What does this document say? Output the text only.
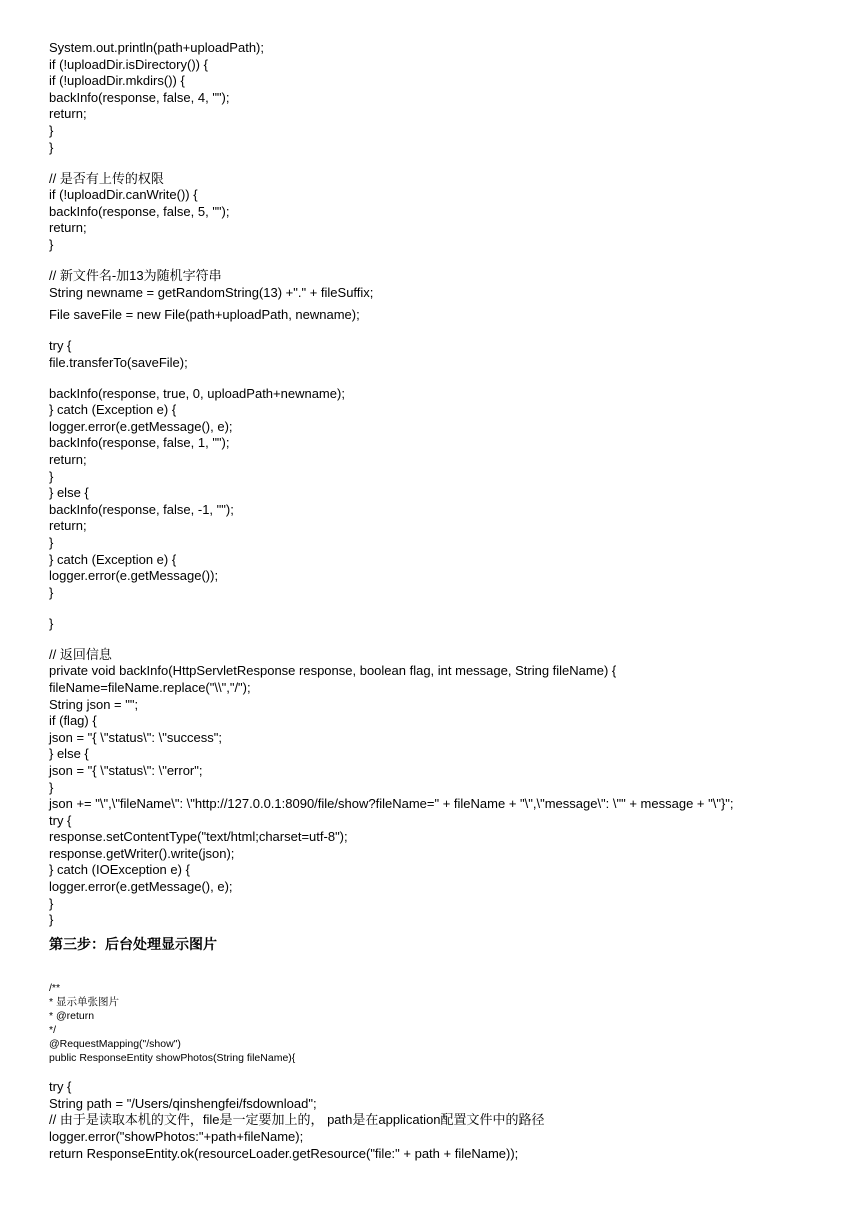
System.out.println(path+uploadPath);
if (!uploadDir.isDirectory()) {
if (!uploadDir.mkdirs()) {
backInfo(response, false, 4, "");
return;
}
}
// 是否有上传的权限
if (!uploadDir.canWrite()) {
backInfo(response, false, 5, "");
return;
}
// 新文件名-加13为随机字符串
String newname = getRandomString(13) +"." + fileSuffix;
File saveFile = new File(path+uploadPath, newname);
try {
file.transferTo(saveFile);
backInfo(response, true, 0, uploadPath+newname);
} catch (Exception e) {
logger.error(e.getMessage(), e);
backInfo(response, false, 1, "");
return;
}
} else {
backInfo(response, false, -1, "");
return;
}
} catch (Exception e) {
logger.error(e.getMessage());
}
}
// 返回信息
private void backInfo(HttpServletResponse response, boolean flag, int message, String fileName) {
fileName=fileName.replace("\\","/");
String json = "";
if (flag) {
json = "{ \"status\": \"success";
} else {
json = "{ \"status\": \"error";
}
json += "\",\"fileName\": \"http://127.0.0.1:8090/file/show?fileName=" + fileName + "\",\"message\": \"" + message + "\"}";
try {
response.setContentType("text/html;charset=utf-8");
response.getWriter().write(json);
} catch (IOException e) {
logger.error(e.getMessage(), e);
}
}
第三步：后台处理显示图片
/**
* 显示单张图片
* @return
*/
@RequestMapping("/show")
public ResponseEntity showPhotos(String fileName){
try {
String path = "/Users/qinshengfei/fsdownload";
// 由于是读取本机的文件，file是一定要加上的， path是在application配置文件中的路径
logger.error("showPhotos:"+path+fileName);
return ResponseEntity.ok(resourceLoader.getResource("file:" + path + fileName));
